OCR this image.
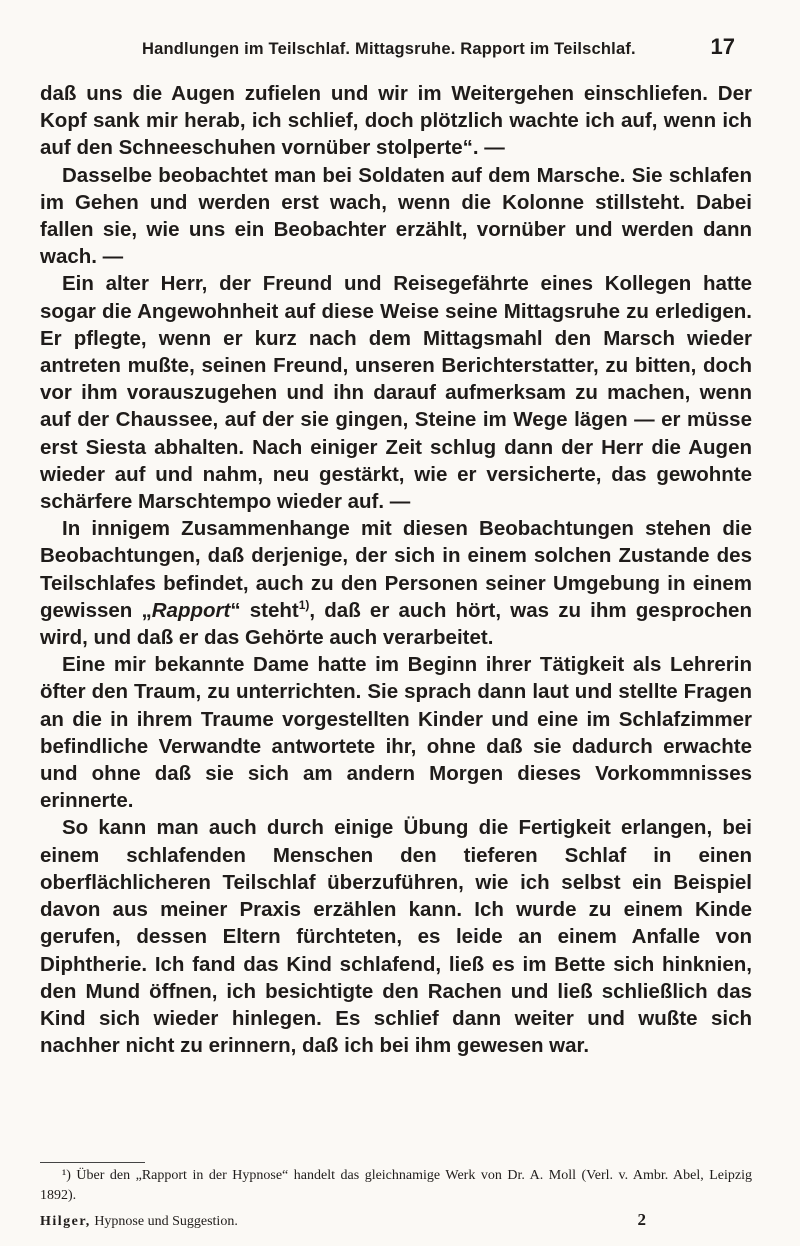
Handlungen im Teilschlaf. Mittagsruhe. Rapport im Teilschlaf.	17

daß uns die Augen zufielen und wir im Weitergehen einschliefen. Der Kopf sank mir herab, ich schlief, doch plötzlich wachte ich auf, wenn ich auf den Schneeschuhen vornüber stolperte“. —

Dasselbe beobachtet man bei Soldaten auf dem Marsche. Sie schlafen im Gehen und werden erst wach, wenn die Kolonne stillsteht. Dabei fallen sie, wie uns ein Beobachter erzählt, vornüber und werden dann wach. —

Ein alter Herr, der Freund und Reisegefährte eines Kollegen hatte sogar die Angewohnheit auf diese Weise seine Mittagsruhe zu erledigen. Er pflegte, wenn er kurz nach dem Mittagsmahl den Marsch wieder antreten mußte, seinen Freund, unseren Berichterstatter, zu bitten, doch vor ihm vorauszugehen und ihn darauf aufmerksam zu machen, wenn auf der Chaussee, auf der sie gingen, Steine im Wege lägen — er müsse erst Siesta abhalten. Nach einiger Zeit schlug dann der Herr die Augen wieder auf und nahm, neu gestärkt, wie er versicherte, das gewohnte schärfere Marschtempo wieder auf. —

In innigem Zusammenhange mit diesen Beobachtungen stehen die Beobachtungen, daß derjenige, der sich in einem solchen Zustande des Teilschlafes befindet, auch zu den Personen seiner Umgebung in einem gewissen „Rapport“ steht$^{1)}$, daß er auch hört, was zu ihm gesprochen wird, und daß er das Gehörte auch verarbeitet.

Eine mir bekannte Dame hatte im Beginn ihrer Tätigkeit als Lehrerin öfter den Traum, zu unterrichten. Sie sprach dann laut und stellte Fragen an die in ihrem Traume vorgestellten Kinder und eine im Schlafzimmer befindliche Verwandte antwortete ihr, ohne daß sie dadurch erwachte und ohne daß sie sich am andern Morgen dieses Vorkommnisses erinnerte.

So kann man auch durch einige Übung die Fertigkeit erlangen, bei einem schlafenden Menschen den tieferen Schlaf in einen oberflächlicheren Teilschlaf überzuführen, wie ich selbst ein Beispiel davon aus meiner Praxis erzählen kann. Ich wurde zu einem Kinde gerufen, dessen Eltern fürchteten, es leide an einem Anfalle von Diphtherie. Ich fand das Kind schlafend, ließ es im Bette sich hinknien, den Mund öffnen, ich besichtigte den Rachen und ließ schließlich das Kind sich wieder hinlegen. Es schlief dann weiter und wußte sich nachher nicht zu erinnern, daß ich bei ihm gewesen war.

¹) Über den „Rapport in der Hypnose“ handelt das gleichnamige Werk von Dr. A. Moll (Verl. v. Ambr. Abel, Leipzig 1892).
Hilger, Hypnose und Suggestion.	2
